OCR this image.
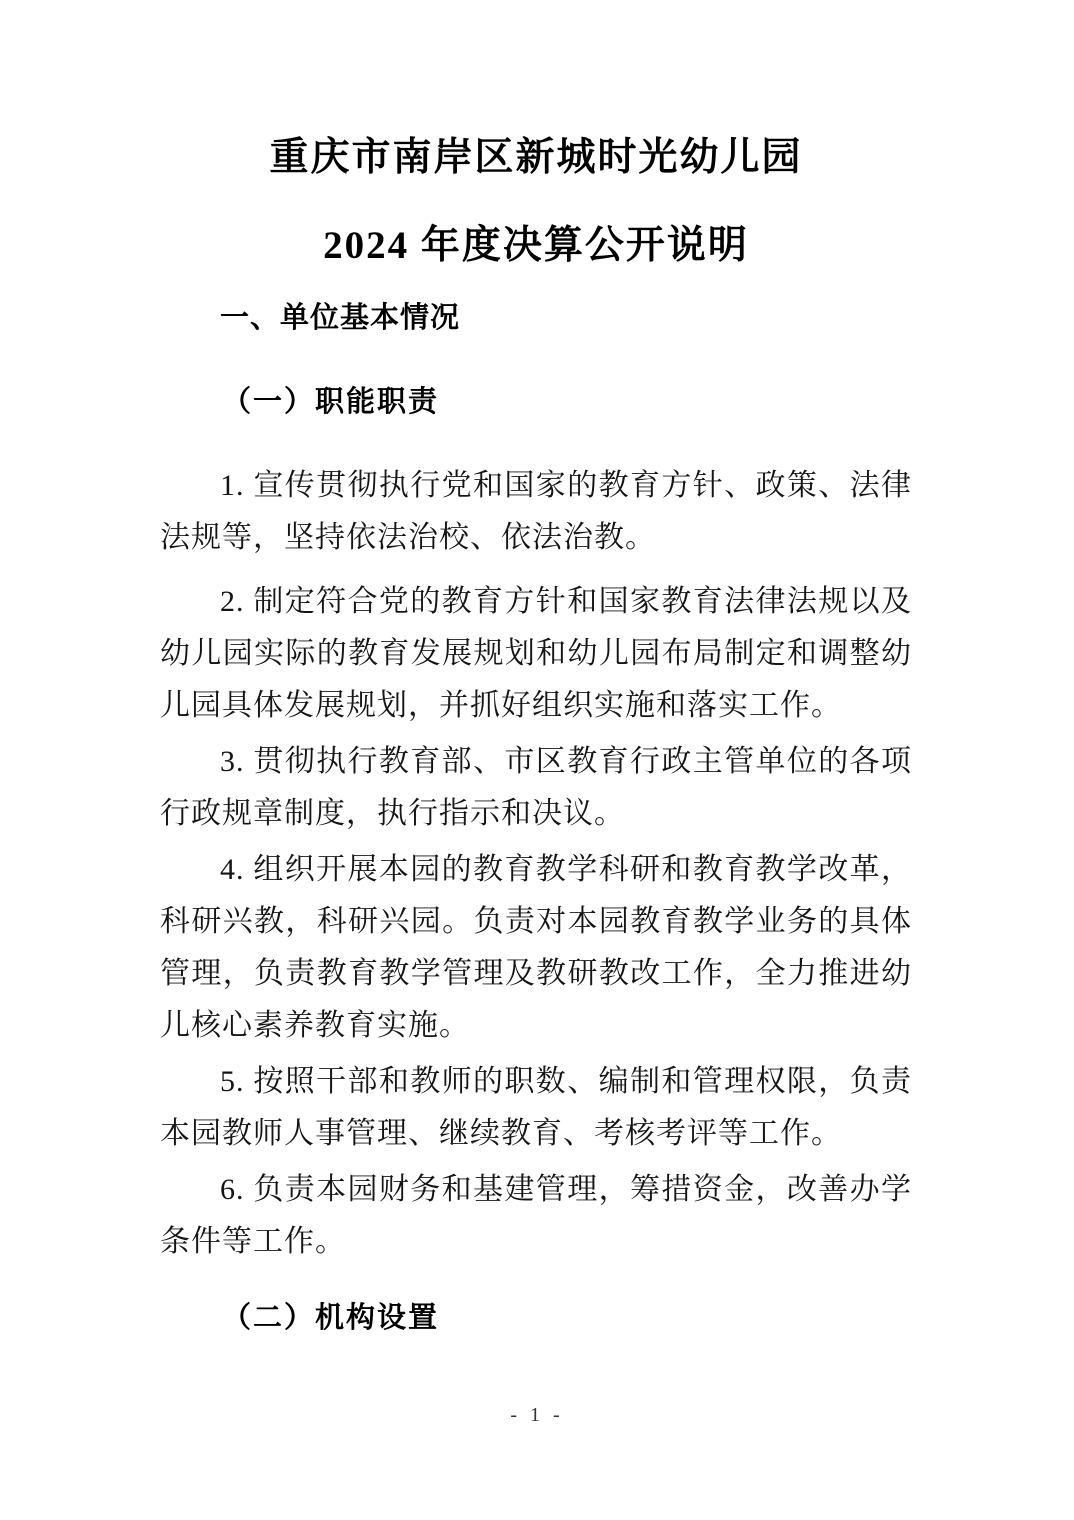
重庆市南岸区新城时光幼儿园
2024 年度决算公开说明
一、单位基本情况
（一）职能职责

1. 宣传贯彻执行党和国家的教育方针、政策、法律法规等，坚持依法治校、依法治教。

2. 制定符合党的教育方针和国家教育法律法规以及幼儿园实际的教育发展规划和幼儿园布局制定和调整幼儿园具体发展规划，并抓好组织实施和落实工作。

3. 贯彻执行教育部、市区教育行政主管单位的各项行政规章制度，执行指示和决议。

4. 组织开展本园的教育教学科研和教育教学改革，科研兴教，科研兴园。负责对本园教育教学业务的具体管理，负责教育教学管理及教研教改工作，全力推进幼儿核心素养教育实施。

5. 按照干部和教师的职数、编制和管理权限，负责本园教师人事管理、继续教育、考核考评等工作。

6. 负责本园财务和基建管理，筹措资金，改善办学条件等工作。

（二）机构设置
- 1 -
